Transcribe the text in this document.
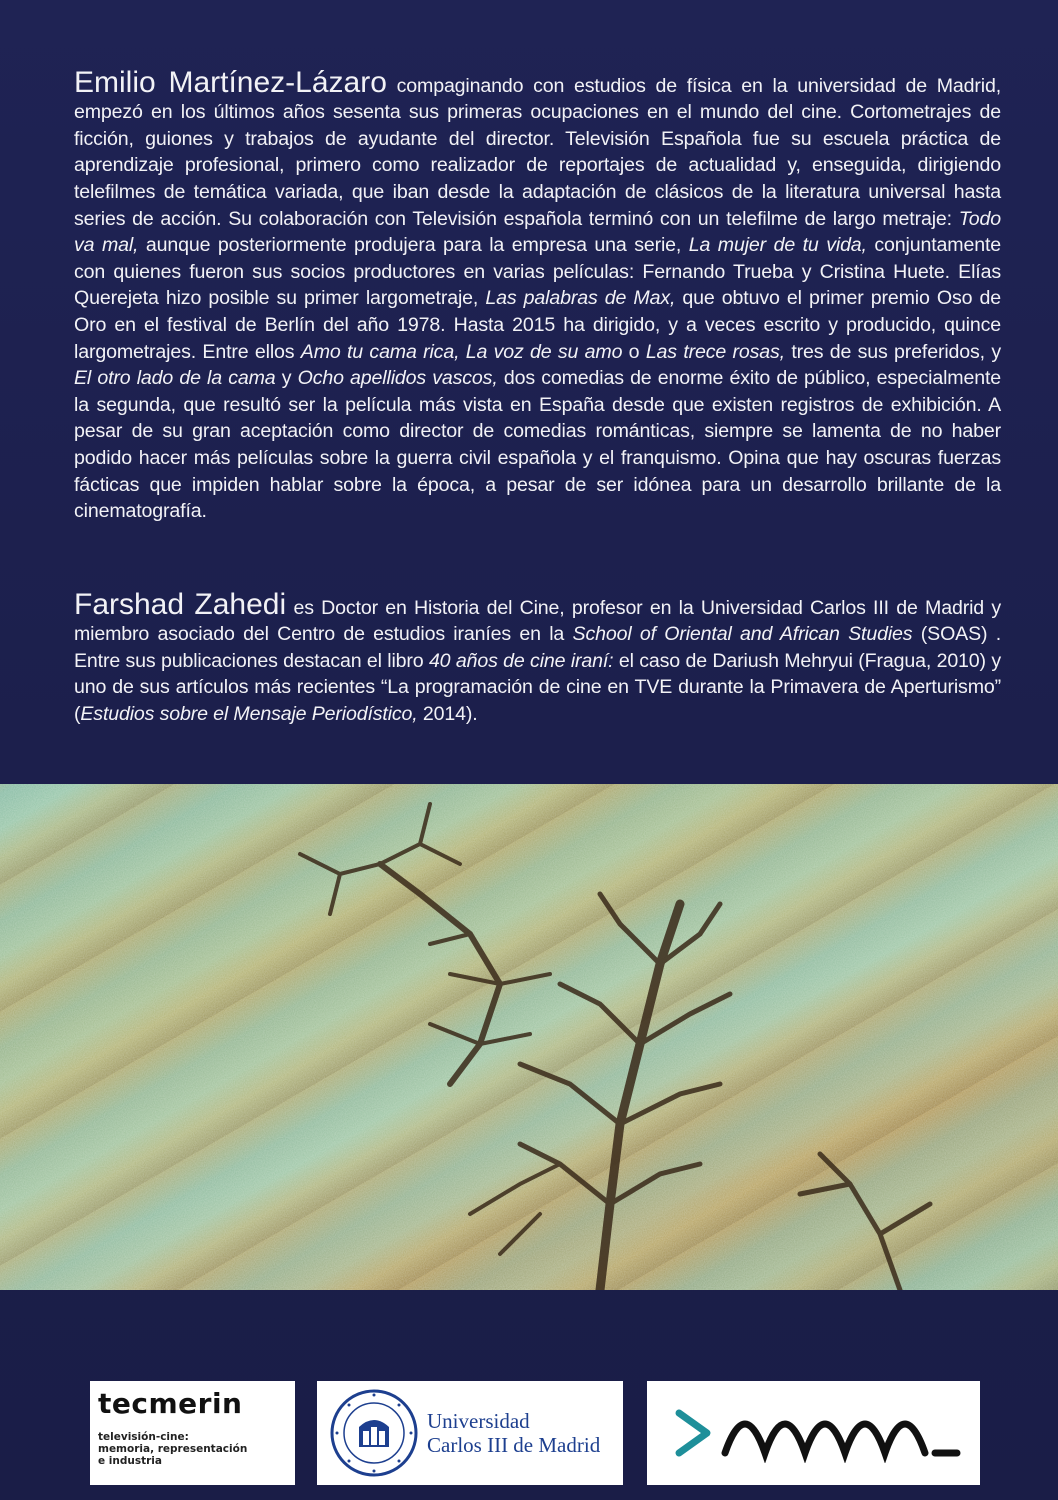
Emilio Martínez-Lázaro compaginando con estudios de física en la universidad de Madrid, empezó en los últimos años sesenta sus primeras ocupaciones en el mundo del cine. Cortometrajes de ficción, guiones y trabajos de ayudante del director. Televisión Española fue su escuela práctica de aprendizaje profesional, primero como realizador de reportajes de actualidad y, enseguida, dirigiendo telefilmes de temática variada, que iban desde la adaptación de clásicos de la literatura universal hasta series de acción. Su colaboración con Televisión española terminó con un telefilme de largo metraje: Todo va mal, aunque posteriormente produjera para la empresa una serie, La mujer de tu vida, conjuntamente con quienes fueron sus socios productores en varias películas: Fernando Trueba y Cristina Huete. Elías Querejeta hizo posible su primer largometraje, Las palabras de Max, que obtuvo el primer premio Oso de Oro en el festival de Berlín del año 1978. Hasta 2015 ha dirigido, y a veces escrito y producido, quince largometrajes. Entre ellos Amo tu cama rica, La voz de su amo o Las trece rosas, tres de sus preferidos, y El otro lado de la cama y Ocho apellidos vascos, dos comedias de enorme éxito de público, especialmente la segunda, que resultó ser la película más vista en España desde que existen registros de exhibición. A pesar de su gran aceptación como director de comedias románticas, siempre se lamenta de no haber podido hacer más películas sobre la guerra civil española y el franquismo. Opina que hay oscuras fuerzas fácticas que impiden hablar sobre la época, a pesar de ser idónea para un desarrollo brillante de la cinematografía.

Farshad Zahedi es Doctor en Historia del Cine, profesor en la Universidad Carlos III de Madrid y miembro asociado del Centro de estudios iraníes en la School of Oriental and African Studies (SOAS) . Entre sus publicaciones destacan el libro 40 años de cine iraní: el caso de Dariush Mehryui (Fragua, 2010) y uno de sus artículos más recientes “La programación de cine en TVE durante la Primavera de Aperturismo” (Estudios sobre el Mensaje Periodístico, 2014).

tecmerin
televisión-cine:
memoria, representación
e industria
Universidad
Carlos III de Madrid
